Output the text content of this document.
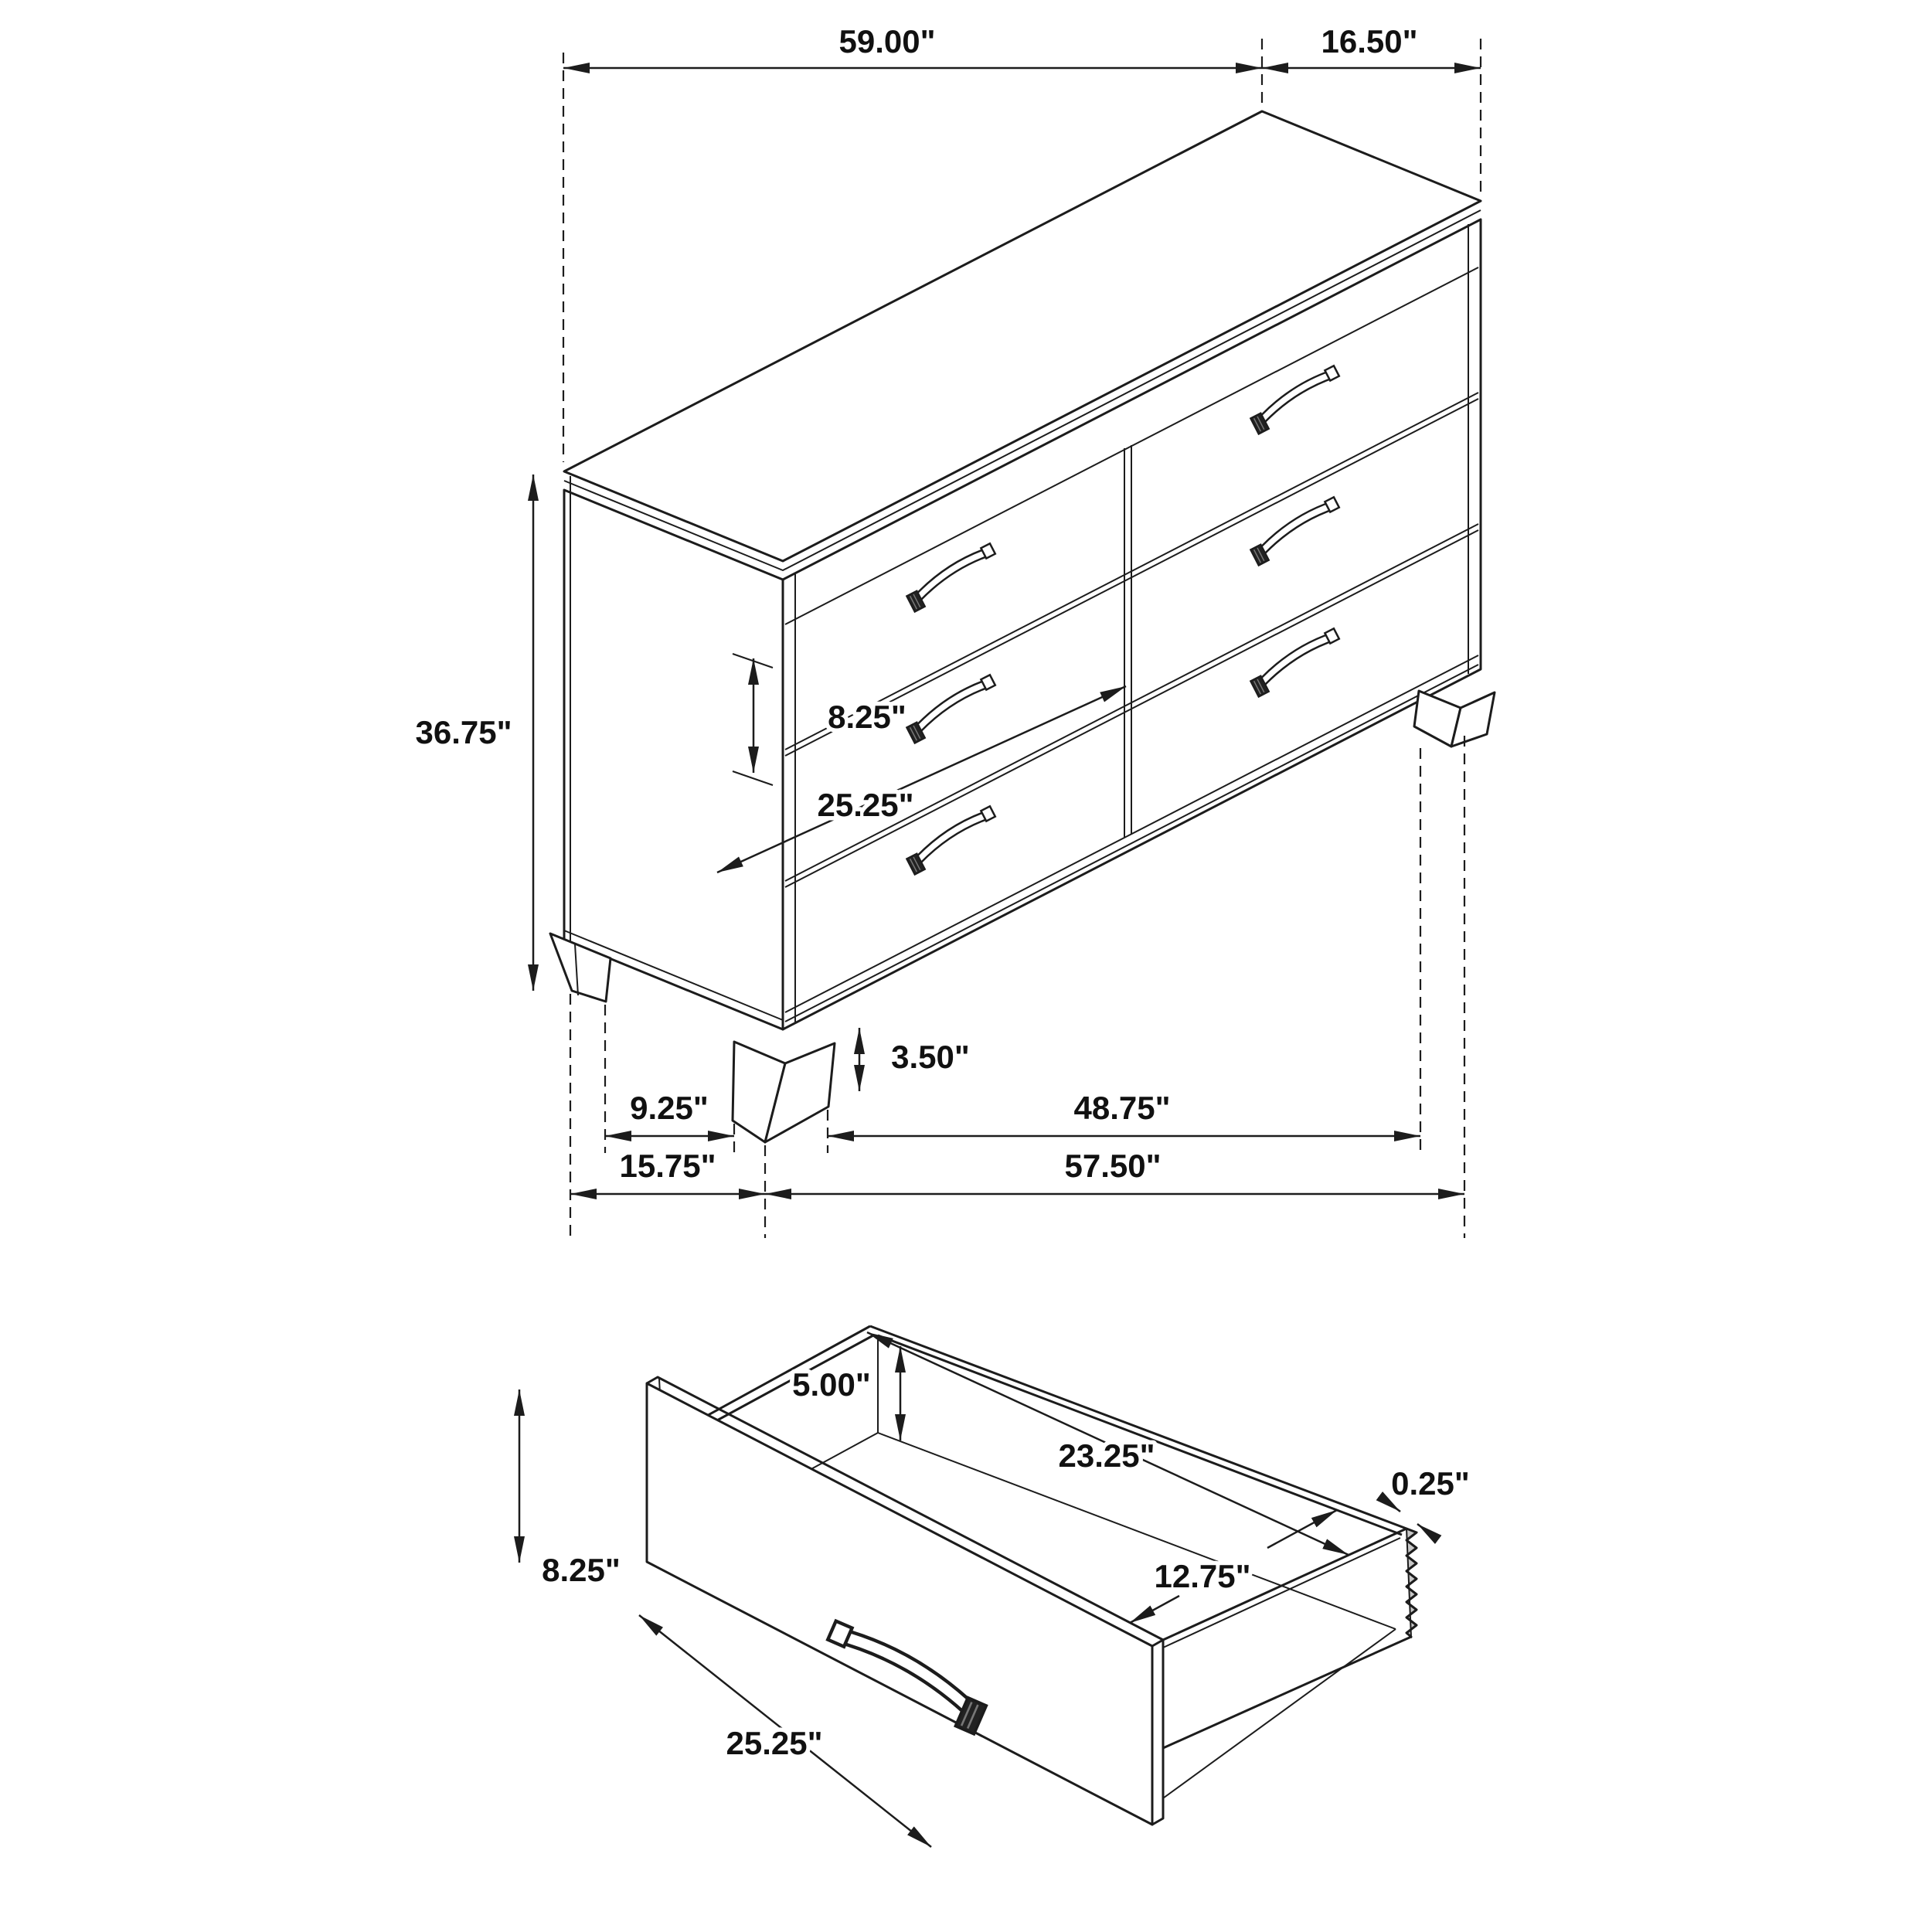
59.00"	16.50"
36.75"	8.25"
25.25"
3.50"
9.25"	48.75"
15.75"	57.50"
5.00"
23.25"
0.25"
8.25"	12.75"
25.25"
